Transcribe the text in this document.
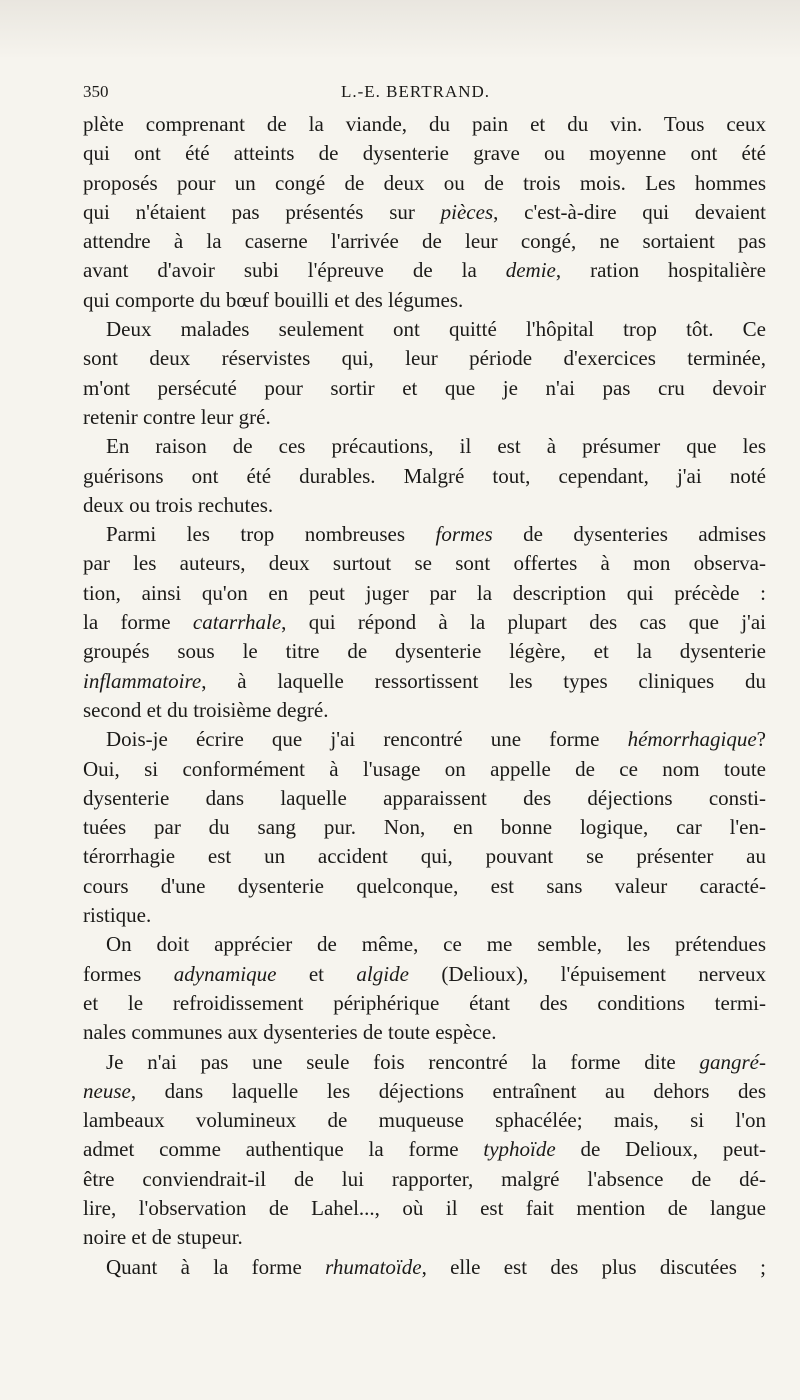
350	L.-E. BERTRAND.
plète comprenant de la viande, du pain et du vin. Tous ceux
qui ont été atteints de dysenterie grave ou moyenne ont été
proposés pour un congé de deux ou de trois mois. Les hommes
qui n'étaient pas présentés sur pièces, c'est-à-dire qui devaient
attendre à la caserne l'arrivée de leur congé, ne sortaient pas
avant d'avoir subi l'épreuve de la demie, ration hospitalière
qui comporte du bœuf bouilli et des légumes.
Deux malades seulement ont quitté l'hôpital trop tôt. Ce
sont deux réservistes qui, leur période d'exercices terminée,
m'ont persécuté pour sortir et que je n'ai pas cru devoir
retenir contre leur gré.
En raison de ces précautions, il est à présumer que les
guérisons ont été durables. Malgré tout, cependant, j'ai noté
deux ou trois rechutes.
Parmi les trop nombreuses formes de dysenteries admises
par les auteurs, deux surtout se sont offertes à mon observa-
tion, ainsi qu'on en peut juger par la description qui précède :
la forme catarrhale, qui répond à la plupart des cas que j'ai
groupés sous le titre de dysenterie légère, et la dysenterie
inflammatoire, à laquelle ressortissent les types cliniques du
second et du troisième degré.
Dois-je écrire que j'ai rencontré une forme hémorrhagique?
Oui, si conformément à l'usage on appelle de ce nom toute
dysenterie dans laquelle apparaissent des déjections consti-
tuées par du sang pur. Non, en bonne logique, car l'en-
térorrhagie est un accident qui, pouvant se présenter au
cours d'une dysenterie quelconque, est sans valeur caracté-
ristique.
On doit apprécier de même, ce me semble, les prétendues
formes adynamique et algide (Delioux), l'épuisement nerveux
et le refroidissement périphérique étant des conditions termi-
nales communes aux dysenteries de toute espèce.
Je n'ai pas une seule fois rencontré la forme dite gangré-
neuse, dans laquelle les déjections entraînent au dehors des
lambeaux volumineux de muqueuse sphacélée; mais, si l'on
admet comme authentique la forme typhoïde de Delioux, peut-
être conviendrait-il de lui rapporter, malgré l'absence de dé-
lire, l'observation de Lahel..., où il est fait mention de langue
noire et de stupeur.
Quant à la forme rhumatoïde, elle est des plus discutées ;
